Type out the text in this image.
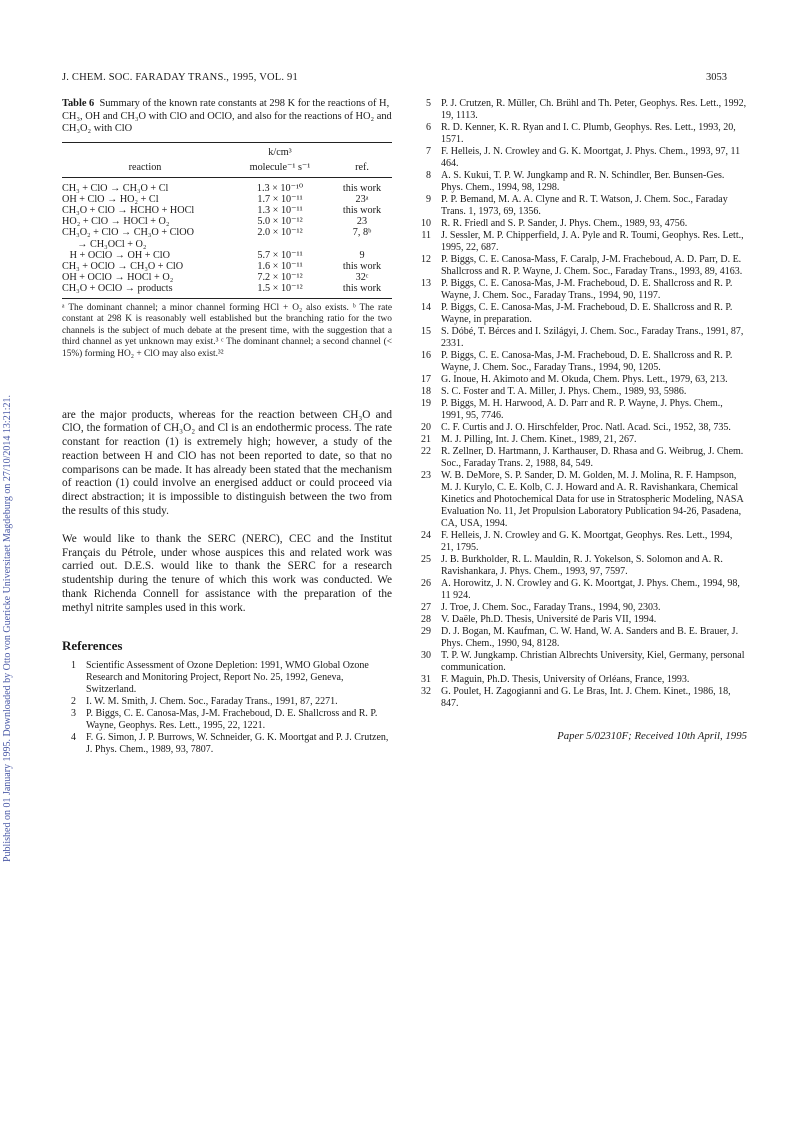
Published on 01 January 1995. Downloaded by Otto von Guericke Universitaet Magdeburg on 27/10/2014 13:21:21.
J. CHEM. SOC. FARADAY TRANS., 1995, VOL. 91	3053
Table 6 Summary of the known rate constants at 298 K for the reactions of H, CH₃, OH and CH₃O with ClO and OClO, and also for the reactions of HO₂ and CH₃O₂ with ClO
	k/cm³	
reaction	molecule⁻¹ s⁻¹	ref.
CH₃ + ClO → CH₃O + Cl	1.3 × 10⁻¹⁰	this work
OH + ClO → HO₂ + Cl	1.7 × 10⁻¹¹	23ᵃ
CH₃O + ClO → HCHO + HOCl	1.3 × 10⁻¹¹	this work
HO₂ + ClO → HOCl + O₂	5.0 × 10⁻¹²	23
CH₃O₂ + ClO → CH₃O + ClOO	2.0 × 10⁻¹²	7, 8ᵇ
→ CH₃OCl + O₂		
H + OClO → OH + ClO	5.7 × 10⁻¹¹	9
CH₃ + OClO → CH₃O + ClO	1.6 × 10⁻¹¹	this work
OH + OClO → HOCl + O₂	7.2 × 10⁻¹²	32ᶜ
CH₃O + OClO → products	1.5 × 10⁻¹²	this work
ᵃ The dominant channel; a minor channel forming HCl + O₂ also exists. ᵇ The rate constant at 298 K is reasonably well established but the branching ratio for the two channels is the subject of much debate at the present time, with the suggestion that a third channel as yet unknown may exist.³ ᶜ The dominant channel; a second channel (< 15%) forming HO₂ + ClO may also exist.³²
are the major products, whereas for the reaction between CH₃O and ClO, the formation of CH₃O₂ and Cl is an endothermic process. The rate constant for reaction (1) is extremely high; however, a study of the reaction between H and ClO has not been reported to date, so that no comparisons can be made. It has already been stated that the mechanism of reaction (1) could involve an energised adduct or could proceed via direct abstraction; it is impossible to distinguish between the two from the results of this study.
We would like to thank the SERC (NERC), CEC and the Institut Français du Pétrole, under whose auspices this and related work was carried out. D.E.S. would like to thank the SERC for a research studentship during the tenure of which this work was conducted. We thank Richenda Connell for assistance with the preparation of the methyl nitrite samples used in this work.
References
1 Scientific Assessment of Ozone Depletion: 1991, WMO Global Ozone Research and Monitoring Project, Report No. 25, 1992, Geneva, Switzerland.
2 I. W. M. Smith, J. Chem. Soc., Faraday Trans., 1991, 87, 2271.
3 P. Biggs, C. E. Canosa-Mas, J-M. Fracheboud, D. E. Shallcross and R. P. Wayne, Geophys. Res. Lett., 1995, 22, 1221.
4 F. G. Simon, J. P. Burrows, W. Schneider, G. K. Moortgat and P. J. Crutzen, J. Phys. Chem., 1989, 93, 7807.
5 P. J. Crutzen, R. Müller, Ch. Brühl and Th. Peter, Geophys. Res. Lett., 1992, 19, 1113.
6 R. D. Kenner, K. R. Ryan and I. C. Plumb, Geophys. Res. Lett., 1993, 20, 1571.
7 F. Helleis, J. N. Crowley and G. K. Moortgat, J. Phys. Chem., 1993, 97, 11 464.
8 A. S. Kukui, T. P. W. Jungkamp and R. N. Schindler, Ber. Bunsen-Ges. Phys. Chem., 1994, 98, 1298.
9 P. P. Bemand, M. A. A. Clyne and R. T. Watson, J. Chem. Soc., Faraday Trans. 1, 1973, 69, 1356.
10 R. R. Friedl and S. P. Sander, J. Phys. Chem., 1989, 93, 4756.
11 J. Sessler, M. P. Chipperfield, J. A. Pyle and R. Toumi, Geophys. Res. Lett., 1995, 22, 687.
12 P. Biggs, C. E. Canosa-Mass, F. Caralp, J-M. Fracheboud, A. D. Parr, D. E. Shallcross and R. P. Wayne, J. Chem. Soc., Faraday Trans., 1993, 89, 4163.
13 P. Biggs, C. E. Canosa-Mas, J-M. Fracheboud, D. E. Shallcross and R. P. Wayne, J. Chem. Soc., Faraday Trans., 1994, 90, 1197.
14 P. Biggs, C. E. Canosa-Mas, J-M. Fracheboud, D. E. Shallcross and R. P. Wayne, in preparation.
15 S. Dóbé, T. Bérces and I. Szilágyi, J. Chem. Soc., Faraday Trans., 1991, 87, 2331.
16 P. Biggs, C. E. Canosa-Mas, J-M. Fracheboud, D. E. Shallcross and R. P. Wayne, J. Chem. Soc., Faraday Trans., 1994, 90, 1205.
17 G. Inoue, H. Akimoto and M. Okuda, Chem. Phys. Lett., 1979, 63, 213.
18 S. C. Foster and T. A. Miller, J. Phys. Chem., 1989, 93, 5986.
19 P. Biggs, M. H. Harwood, A. D. Parr and R. P. Wayne, J. Phys. Chem., 1991, 95, 7746.
20 C. F. Curtis and J. O. Hirschfelder, Proc. Natl. Acad. Sci., 1952, 38, 735.
21 M. J. Pilling, Int. J. Chem. Kinet., 1989, 21, 267.
22 R. Zellner, D. Hartmann, J. Karthauser, D. Rhasa and G. Weibrug, J. Chem. Soc., Faraday Trans. 2, 1988, 84, 549.
23 W. B. DeMore, S. P. Sander, D. M. Golden, M. J. Molina, R. F. Hampson, M. J. Kurylo, C. E. Kolb, C. J. Howard and A. R. Ravishankara, Chemical Kinetics and Photochemical Data for use in Stratospheric Modeling, NASA Evaluation No. 11, Jet Propulsion Laboratory Publication 94-26, Pasadena, CA, USA, 1994.
24 F. Helleis, J. N. Crowley and G. K. Moortgat, Geophys. Res. Lett., 1994, 21, 1795.
25 J. B. Burkholder, R. L. Mauldin, R. J. Yokelson, S. Solomon and A. R. Ravishankara, J. Phys. Chem., 1993, 97, 7597.
26 A. Horowitz, J. N. Crowley and G. K. Moortgat, J. Phys. Chem., 1994, 98, 11 924.
27 J. Troe, J. Chem. Soc., Faraday Trans., 1994, 90, 2303.
28 V. Daële, Ph.D. Thesis, Université de Paris VII, 1994.
29 D. J. Bogan, M. Kaufman, C. W. Hand, W. A. Sanders and B. E. Brauer, J. Phys. Chem., 1990, 94, 8128.
30 T. P. W. Jungkamp. Christian Albrechts University, Kiel, Germany, personal communication.
31 F. Maguin, Ph.D. Thesis, University of Orléans, France, 1993.
32 G. Poulet, H. Zagogianni and G. Le Bras, Int. J. Chem. Kinet., 1986, 18, 847.
Paper 5/02310F; Received 10th April, 1995
